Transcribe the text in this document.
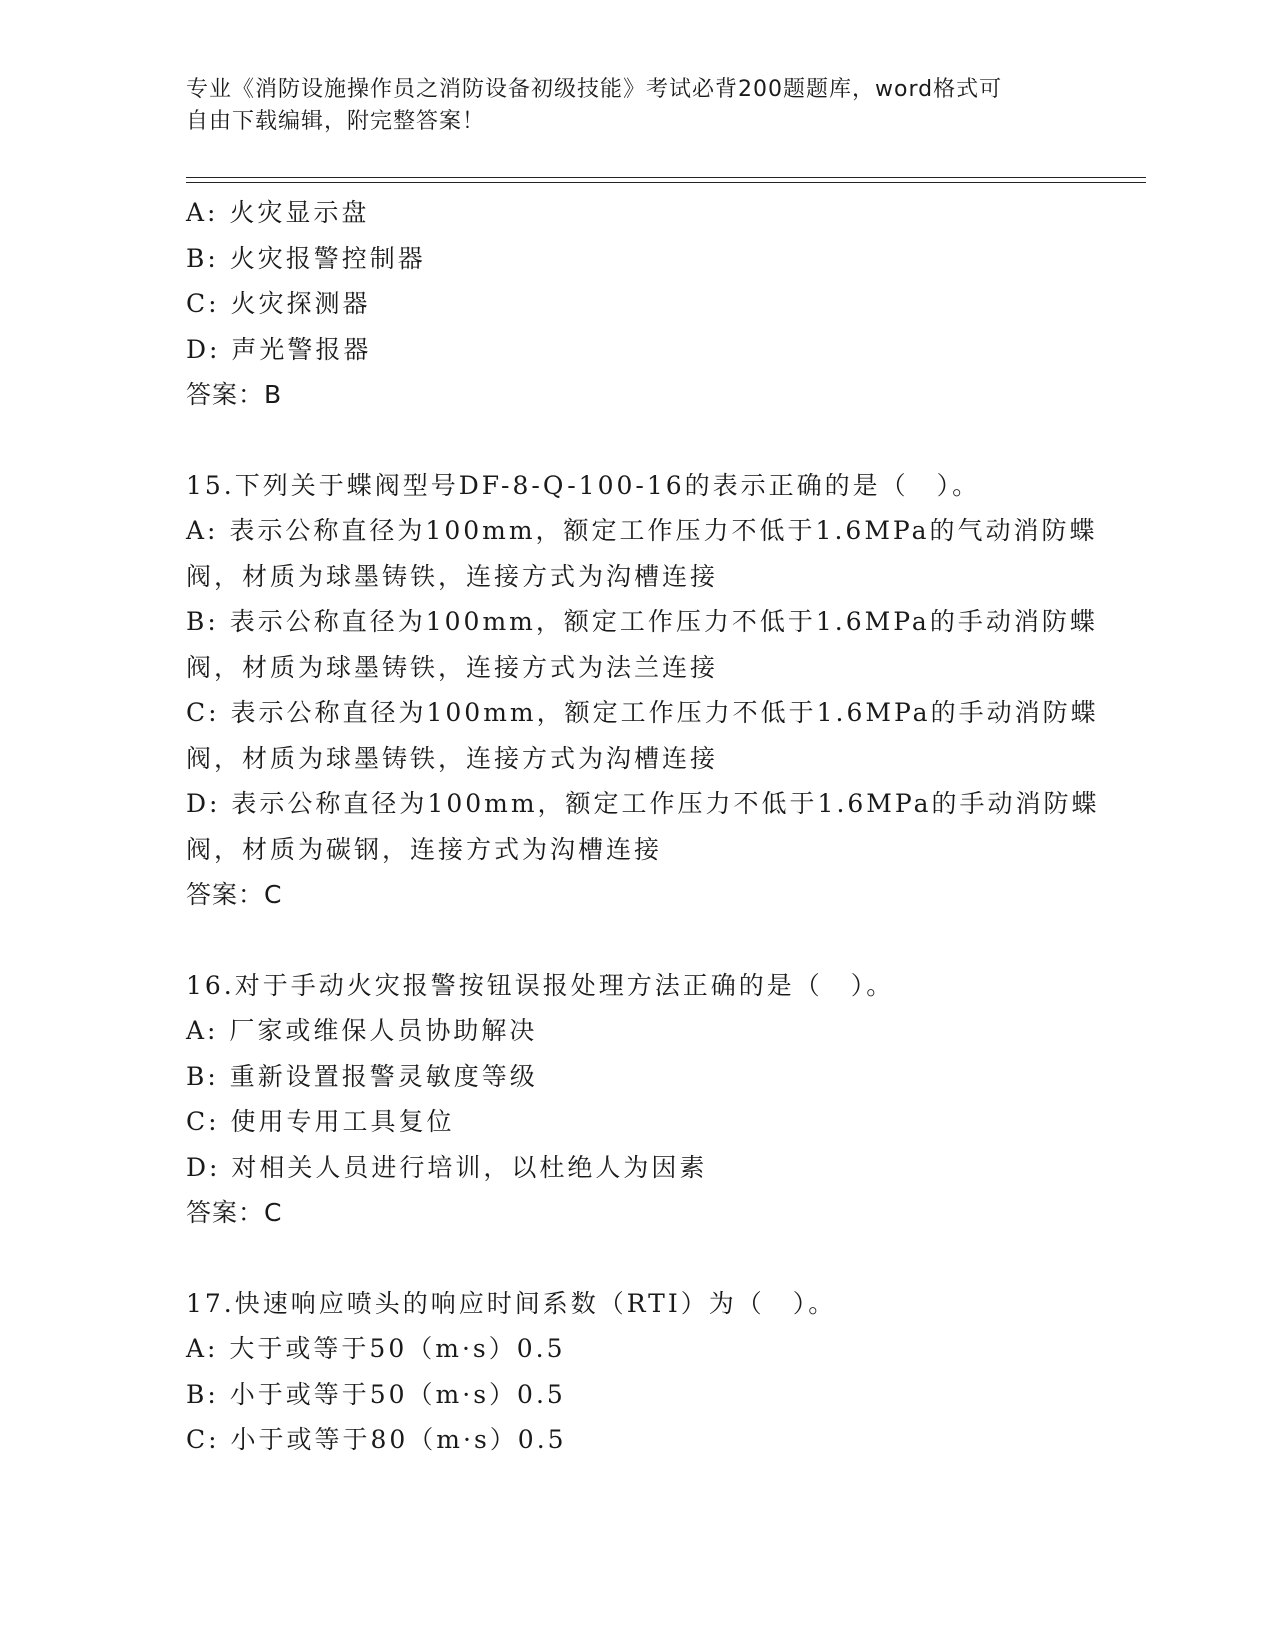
专业《消防设施操作员之消防设备初级技能》考试必背200题题库，word格式可
自由下载编辑，附完整答案！
A: 火灾显示盘
B: 火灾报警控制器
C: 火灾探测器
D: 声光警报器
答案：B
15.下列关于蝶阀型号DF-8-Q-100-16的表示正确的是（　）。
A: 表示公称直径为100mm，额定工作压力不低于1.6MPa的气动消防蝶
阀，材质为球墨铸铁，连接方式为沟槽连接
B: 表示公称直径为100mm，额定工作压力不低于1.6MPa的手动消防蝶
阀，材质为球墨铸铁，连接方式为法兰连接
C: 表示公称直径为100mm，额定工作压力不低于1.6MPa的手动消防蝶
阀，材质为球墨铸铁，连接方式为沟槽连接
D: 表示公称直径为100mm，额定工作压力不低于1.6MPa的手动消防蝶
阀，材质为碳钢，连接方式为沟槽连接
答案：C
16.对于手动火灾报警按钮误报处理方法正确的是（　）。
A: 厂家或维保人员协助解决
B: 重新设置报警灵敏度等级
C: 使用专用工具复位
D: 对相关人员进行培训，以杜绝人为因素
答案：C
17.快速响应喷头的响应时间系数（RTI）为（　）。
A: 大于或等于50（m·s）0.5
B: 小于或等于50（m·s）0.5
C: 小于或等于80（m·s）0.5
